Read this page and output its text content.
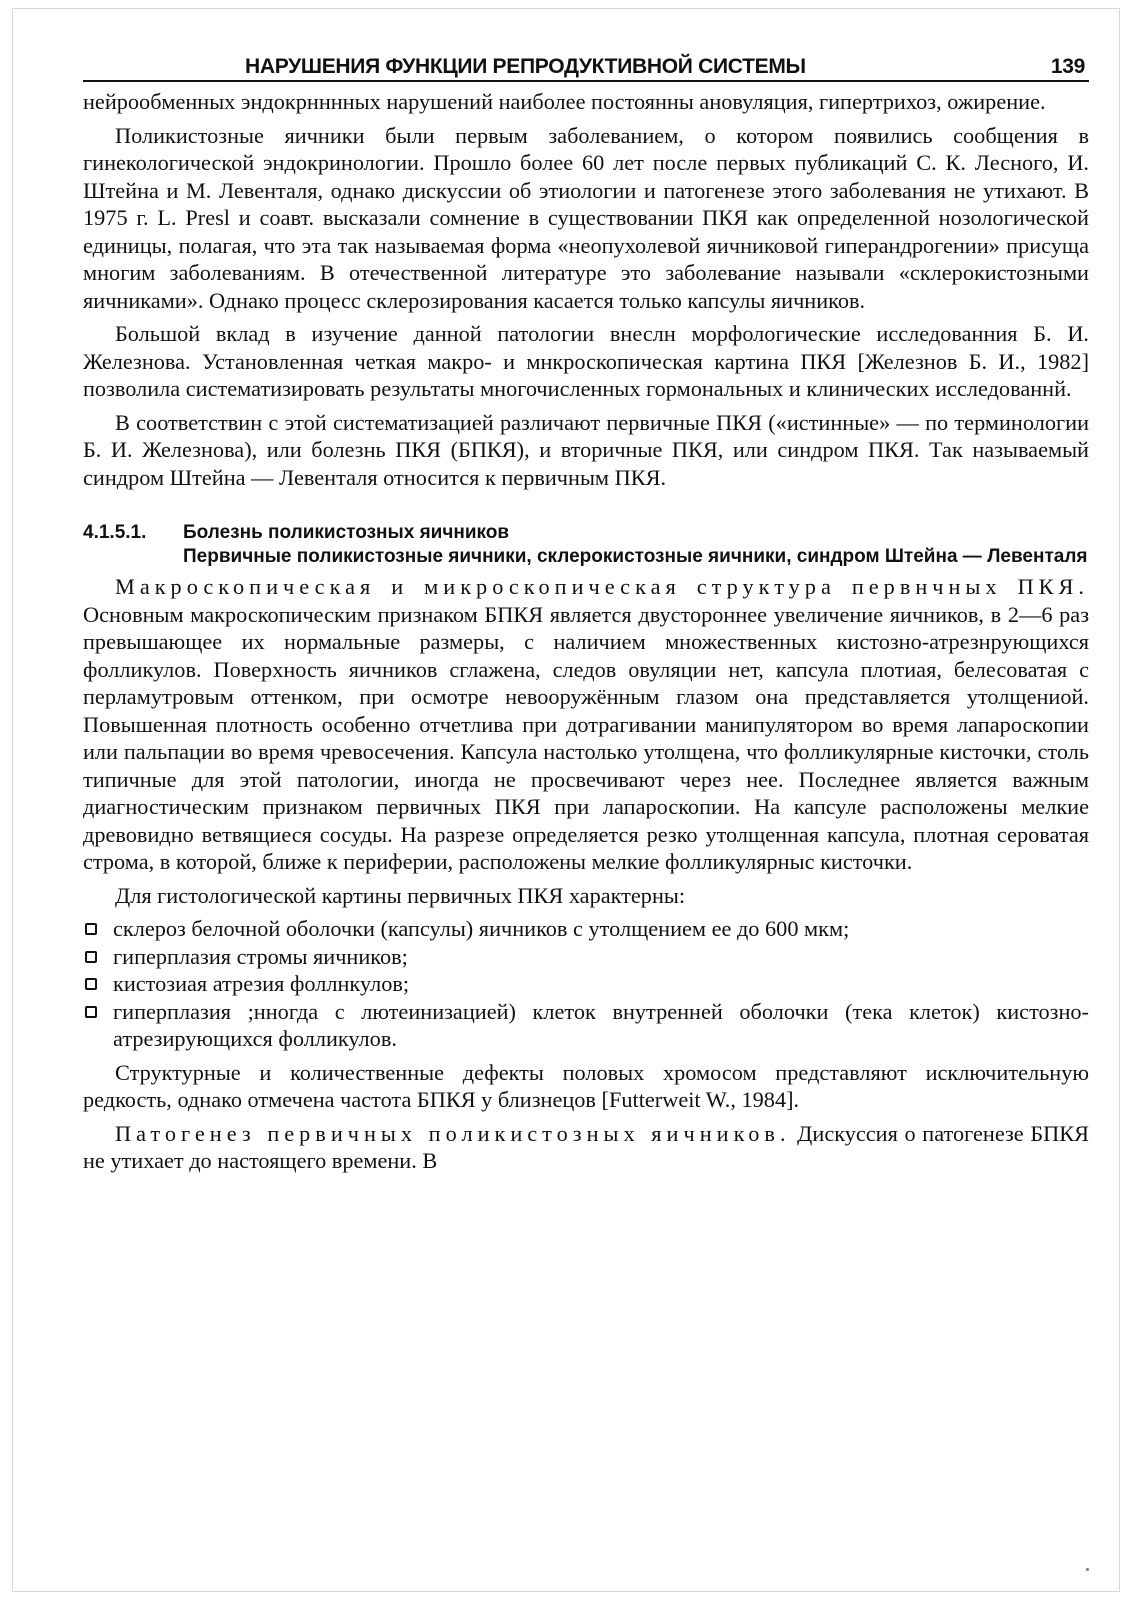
НАРУШЕНИЯ ФУНКЦИИ РЕПРОДУКТИВНОЙ СИСТЕМЫ	139

нейрообменных эндокрнннных нарушений наиболее постоянны ановуляция, гипертрихоз, ожирение.

Поликистозные яичники были первым заболеванием, о котором появились сообщения в гинекологической эндокринологии. Прошло более 60 лет после первых публикаций С. К. Лесного, И. Штейна и М. Левенталя, однако дискуссии об этиологии и патогенезе этого заболевания не утихают. В 1975 г. L. Presl и соавт. высказали сомнение в существовании ПКЯ как определенной нозологической единицы, полагая, что эта так называемая форма «неопухолевой яичниковой гиперандрогении» присуща многим заболеваниям. В отечественной литературе это заболевание называли «склерокистозными яичниками». Однако процесс склерозирования касается только капсулы яичников.

Большой вклад в изучение данной патологии внеслн морфологические исследованния Б. И. Железнова. Установленная четкая макро- и мнкроскопическая картина ПКЯ [Железнов Б. И., 1982] позволила систематизировать результаты многочисленных гормональных и клинических исследованнй.

В соответствин с этой систематизацией различают первичные ПКЯ («истинные» — по терминологии Б. И. Железнова), или болезнь ПКЯ (БПКЯ), и вторичные ПКЯ, или синдром ПКЯ. Так называемый синдром Штейна — Левенталя относится к первичным ПКЯ.

4.1.5.1.	Болезнь поликистозных яичников
Первичные поликистозные яичники, склерокистозные яичники, синдром Штейна — Левенталя

Макроскопическая и микроскопическая структура первнчных ПКЯ. Основным макроскопическим признаком БПКЯ является двустороннее увеличение яичников, в 2—6 раз превышающее их нормальные размеры, с наличием множественных кистозно-атрезнрующихся фолликулов. Поверхность яичников сглажена, следов овуляции нет, капсула плотиая, белесоватая с перламутровым оттенком, при осмотре невооружённым глазом она представляется утолщениой. Повышенная плотность особенно отчетлива при дотрагивании манипулятором во время лапароскопии или пальпации во время чревосечения. Капсула настолько утолщена, что фолликулярные кисточки, столь типичные для этой патологии, иногда не просвечивают через нее. Последнее является важным диагностическим признаком первичных ПКЯ при лапароскопии. На капсуле расположены мелкие древовидно ветвящиеся сосуды. На разрезе определяется резко утолщенная капсула, плотная сероватая строма, в которой, ближе к периферии, расположены мелкие фолликулярныс кисточки.

Для гистологической картины первичных ПКЯ характерны:

склероз белочной оболочки (капсулы) яичников с утолщением ее до 600 мкм;
гиперплазия стромы яичников;
кистозиая атрезия фоллнкулов;
гиперплазия ;нногда с лютеинизацией) клеток внутренней оболочки (тека клеток) кистозно-атрезирующихся фолликулов.

Структурные и количественные дефекты половых хромосом представляют исключительную редкость, однако отмечена частота БПКЯ у близнецов [Futterweit W., 1984].

Патогенез первичных поликистозных яичников. Дискуссия о патогенезе БПКЯ не утихает до настоящего времени. В
